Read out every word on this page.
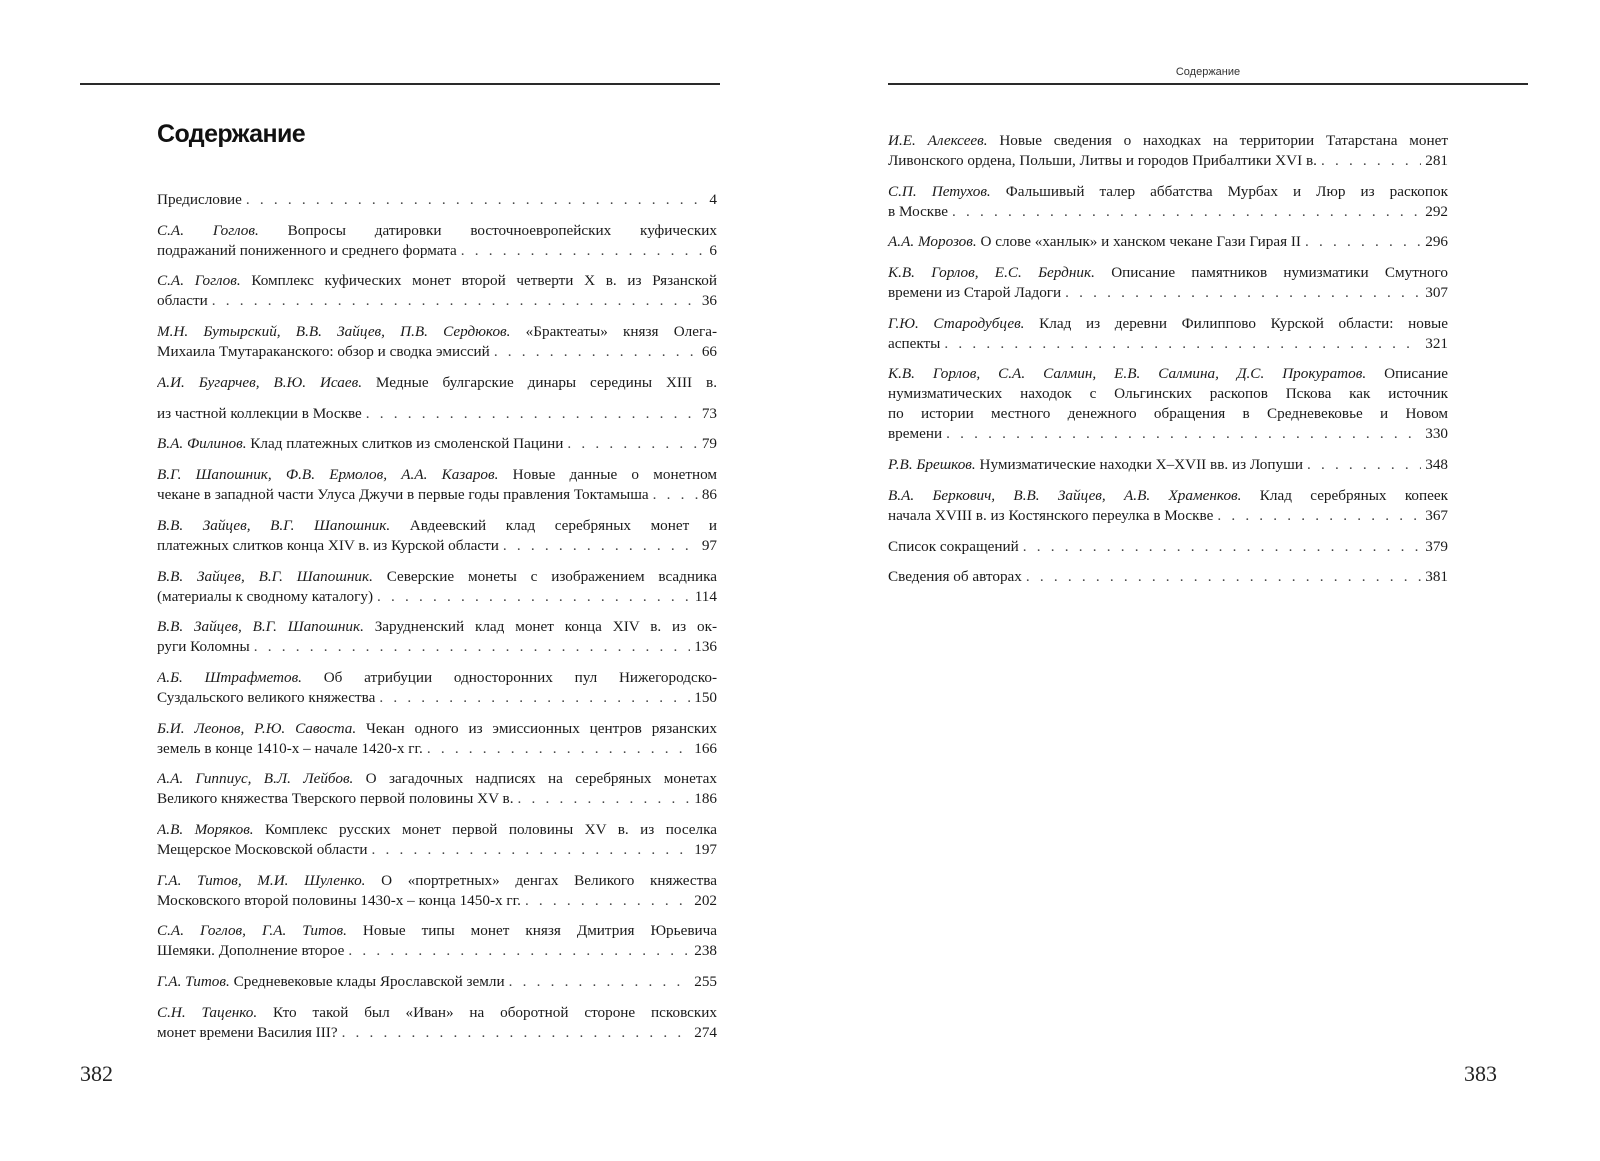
Содержание
Предисловие . . .	4
С.А. Гоглов. Вопросы датировки восточноевропейских куфических
подражаний пониженного и среднего формата . . .	6
С.А. Гоглов. Комплекс куфических монет второй четверти X в. из Рязанской
области . . .	36
М.Н. Бутырский, В.В. Зайцев, П.В. Сердюков. «Брактеаты» князя Олега-
Михаила Тмутараканского: обзор и сводка эмиссий . . .	66
А.И. Бугарчев, В.Ю. Исаев. Медные булгарские динары середины XIII в.
из частной коллекции в Москве . . .	73
В.А. Филинов. Клад платежных слитков из смоленской Пацини . . .	79
В.Г. Шапошник, Ф.В. Ермолов, А.А. Казаров. Новые данные о монетном
чекане в западной части Улуса Джучи в первые годы правления Токтамыша . . .	86
В.В. Зайцев, В.Г. Шапошник. Авдеевский клад серебряных монет и
платежных слитков конца XIV в. из Курской области . . .	97
В.В. Зайцев, В.Г. Шапошник. Северские монеты с изображением всадника
(материалы к сводному каталогу) . . .	114
В.В. Зайцев, В.Г. Шапошник. Зарудненский клад монет конца XIV в. из ок-
руги Коломны . . .	136
А.Б. Штрафметов. Об атрибуции односторонних пул Нижегородско-
Суздальского великого княжества . . .	150
Б.И. Леонов, Р.Ю. Савоста. Чекан одного из эмиссионных центров рязанских
земель в конце 1410-х – начале 1420-х гг. . . .	166
А.А. Гиппиус, В.Л. Лейбов. О загадочных надписях на серебряных монетах
Великого княжества Тверского первой половины XV в. . . .	186
А.В. Моряков. Комплекс русских монет первой половины XV в. из поселка
Мещерское Московской области . . .	197
Г.А. Титов, М.И. Шуленко. О «портретных» денгах Великого княжества
Московского второй половины 1430-х – конца 1450-х гг. . . .	202
С.А. Гоглов, Г.А. Титов. Новые типы монет князя Дмитрия Юрьевича
Шемяки. Дополнение второе . . .	238
Г.А. Титов. Средневековые клады Ярославской земли . . .	255
С.Н. Таценко. Кто такой был «Иван» на оборотной стороне псковских
монет времени Василия III? . . .	274
382
Содержание
И.Е. Алексеев. Новые сведения о находках на территории Татарстана монет
Ливонского ордена, Польши, Литвы и городов Прибалтики XVI в. . . .	281
С.П. Петухов. Фальшивый талер аббатства Мурбах и Люр из раскопок
в Москве . . .	292
А.А. Морозов. О слове «ханлык» и ханском чекане Гази Гирая II . . .	296
К.В. Горлов, Е.С. Бердник. Описание памятников нумизматики Смутного
времени из Старой Ладоги . . .	307
Г.Ю. Стародубцев. Клад из деревни Филиппово Курской области: новые
аспекты . . .	321
К.В. Горлов, С.А. Салмин, Е.В. Салмина, Д.С. Прокуратов. Описание
нумизматических находок с Ольгинских раскопов Пскова как источник
по истории местного денежного обращения в Средневековье и Новом
времени . . .	330
Р.В. Брешков. Нумизматические находки X–XVII вв. из Лопуши . . .	348
В.А. Беркович, В.В. Зайцев, А.В. Храменков. Клад серебряных копеек
начала XVIII в. из Костянского переулка в Москве . . .	367
Список сокращений . . .	379
Сведения об авторах . . .	381
383
